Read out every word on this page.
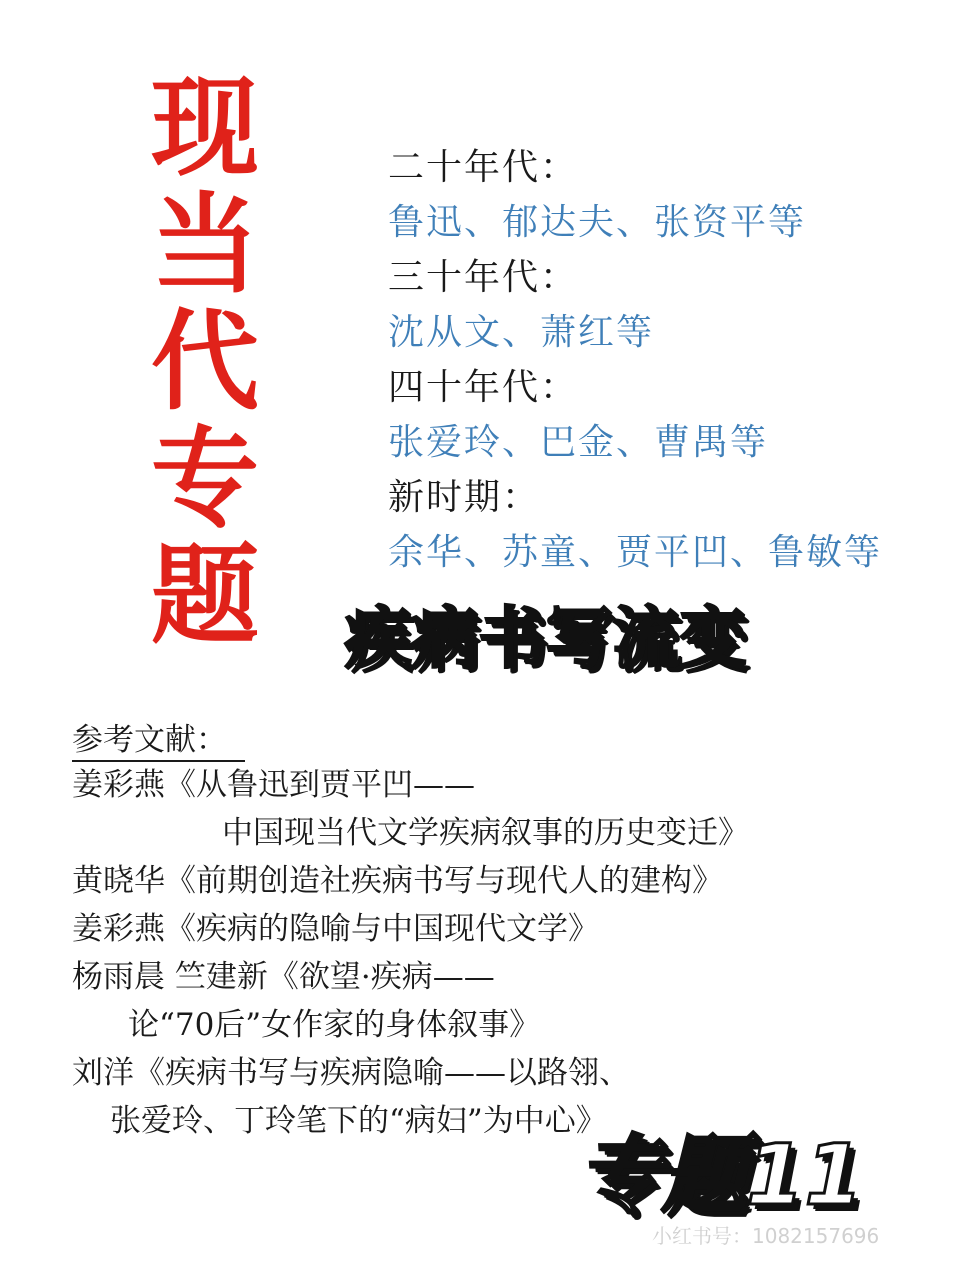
现
当
代
专
题
二十年代：
鲁迅、郁达夫、张资平等
三十年代：
沈从文、萧红等
四十年代：
张爱玲、巴金、曹禺等
新时期：
余华、苏童、贾平凹、鲁敏等
疾病书写流变
参考文献：
姜彩燕《从鲁迅到贾平凹——
中国现当代文学疾病叙事的历史变迁》
黄晓华《前期创造社疾病书写与现代人的建构》
姜彩燕《疾病的隐喻与中国现代文学》
杨雨晨 竺建新《欲望·疾病——
论“70后”女作家的身体叙事》
刘洋《疾病书写与疾病隐喻——以路翎、
张爱玲、丁玲笔下的“病妇”为中心》
专题11
小红书号：1082157696
